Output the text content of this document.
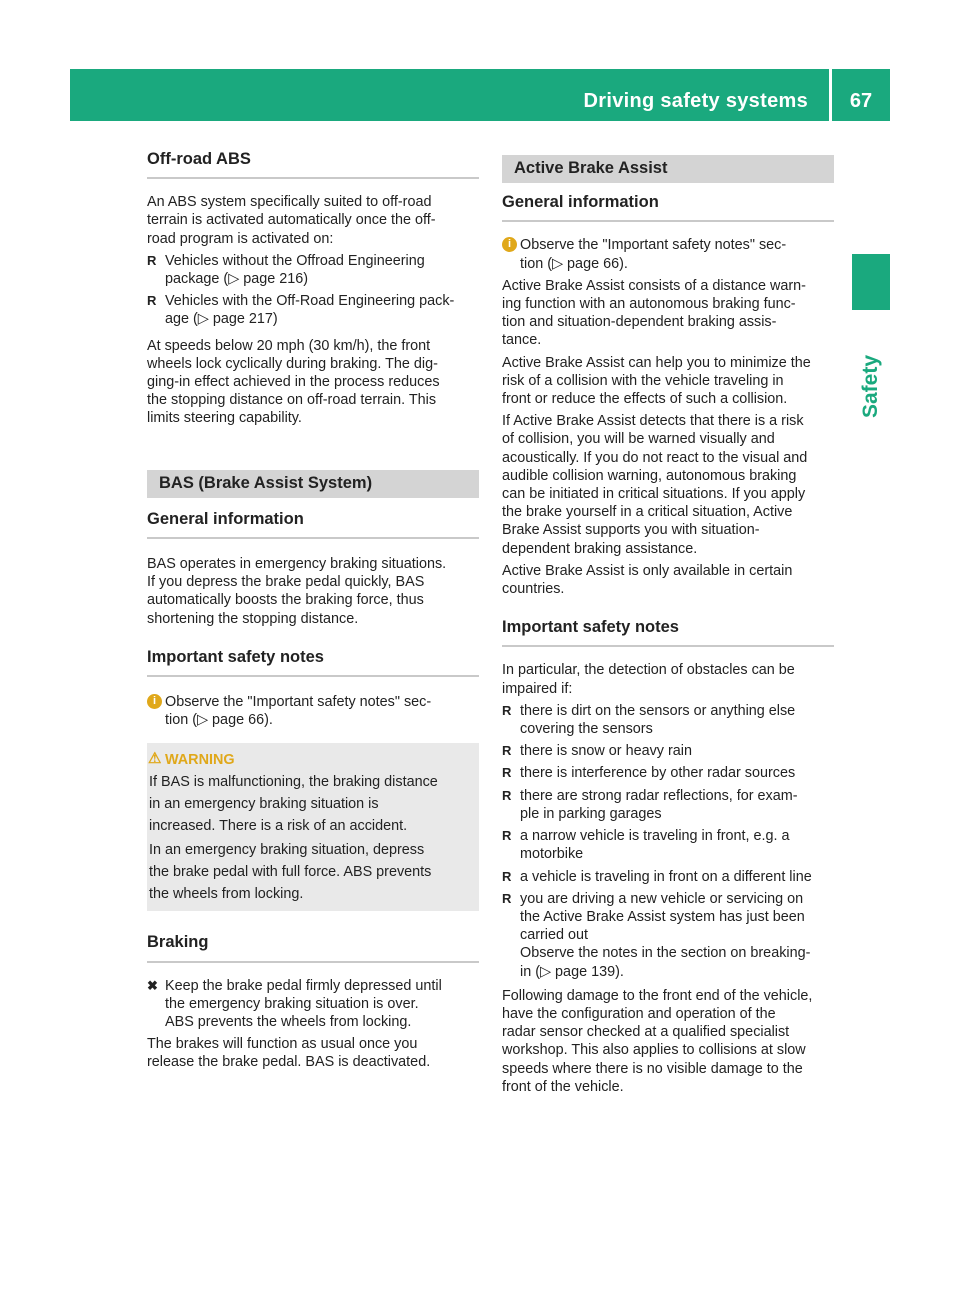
Driving safety systems	67
Safety
Off-road ABS

An ABS system specifically suited to off-road
terrain is activated automatically once the off-
road program is activated on:

R Vehicles without the Offroad Engineering
package (▷ page 216)
R Vehicles with the Off-Road Engineering pack-
age (▷ page 217)

At speeds below 20 mph (30 km/h), the front
wheels lock cyclically during braking. The dig-
ging-in effect achieved in the process reduces
the stopping distance on off-road terrain. This
limits steering capability.

BAS (Brake Assist System)
General information

BAS operates in emergency braking situations.
If you depress the brake pedal quickly, BAS
automatically boosts the braking force, thus
shortening the stopping distance.

Important safety notes
i Observe the "Important safety notes" sec-
tion (▷ page 66).
⚠ WARNING

If BAS is malfunctioning, the braking distance
in an emergency braking situation is
increased. There is a risk of an accident.

In an emergency braking situation, depress
the brake pedal with full force. ABS prevents
the wheels from locking.

Braking
✖ Keep the brake pedal firmly depressed until
the emergency braking situation is over.
ABS prevents the wheels from locking.

The brakes will function as usual once you
release the brake pedal. BAS is deactivated.

Active Brake Assist
General information
i Observe the "Important safety notes" sec-
tion (▷ page 66).

Active Brake Assist consists of a distance warn-
ing function with an autonomous braking func-
tion and situation-dependent braking assis-
tance.

Active Brake Assist can help you to minimize the
risk of a collision with the vehicle traveling in
front or reduce the effects of such a collision.

If Active Brake Assist detects that there is a risk
of collision, you will be warned visually and
acoustically. If you do not react to the visual and
audible collision warning, autonomous braking
can be initiated in critical situations. If you apply
the brake yourself in a critical situation, Active
Brake Assist supports you with situation-
dependent braking assistance.

Active Brake Assist is only available in certain
countries.

Important safety notes

In particular, the detection of obstacles can be
impaired if:

R there is dirt on the sensors or anything else
covering the sensors
R there is snow or heavy rain
R there is interference by other radar sources
R there are strong radar reflections, for exam-
ple in parking garages
R a narrow vehicle is traveling in front, e.g. a
motorbike
R a vehicle is traveling in front on a different line
R you are driving a new vehicle or servicing on
the Active Brake Assist system has just been
carried out
Observe the notes in the section on breaking-
in (▷ page 139).

Following damage to the front end of the vehicle,
have the configuration and operation of the
radar sensor checked at a qualified specialist
workshop. This also applies to collisions at slow
speeds where there is no visible damage to the
front of the vehicle.
